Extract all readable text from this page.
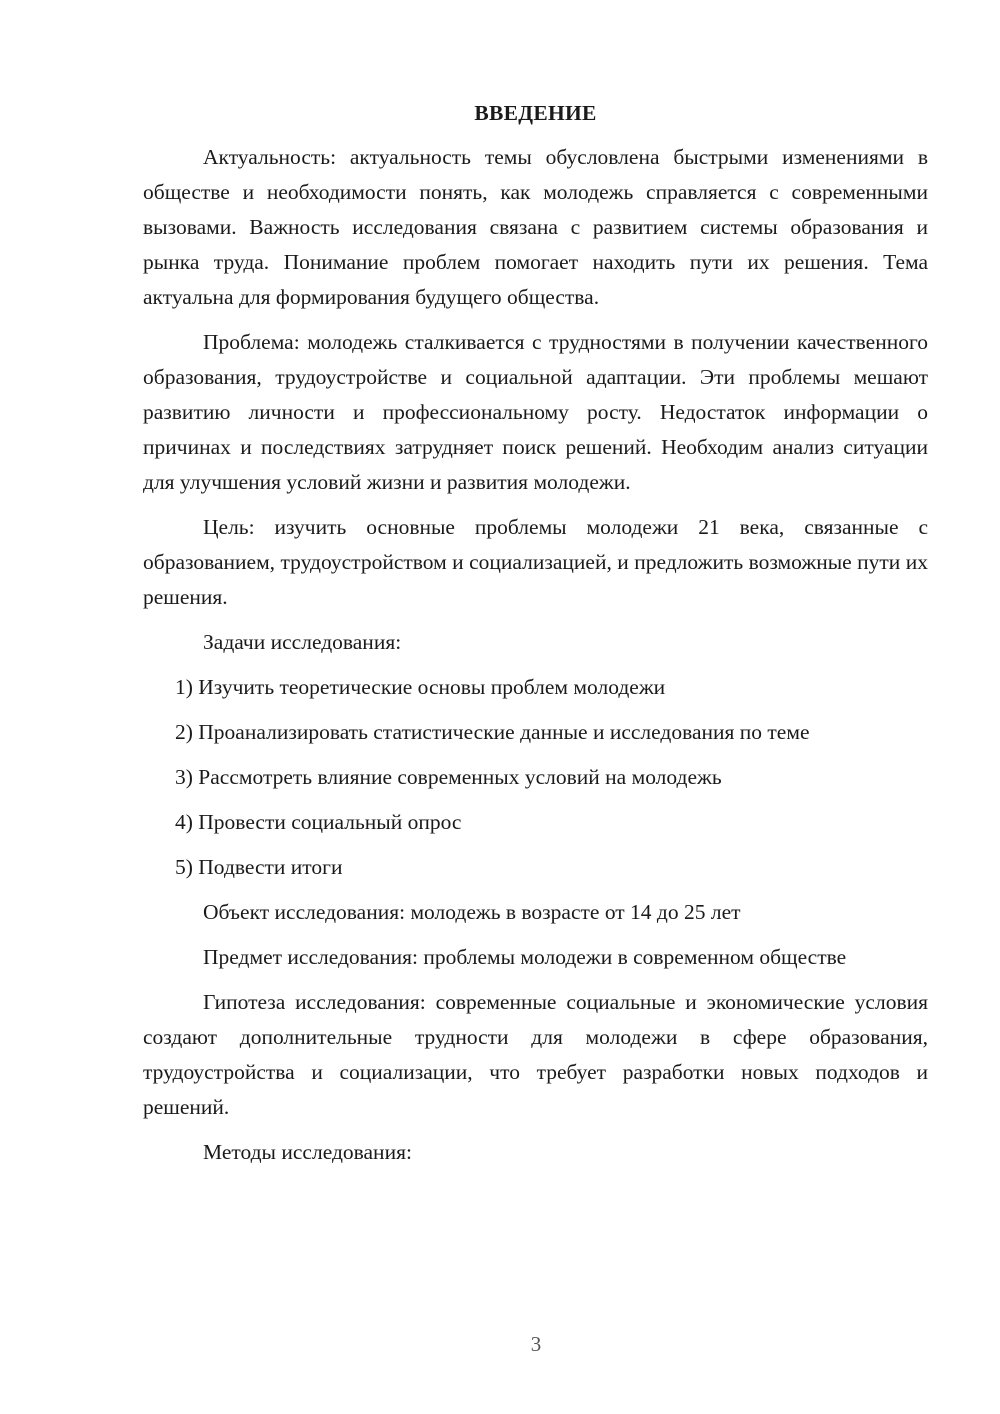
ВВЕДЕНИЕ

Актуальность: актуальность темы обусловлена быстрыми изменениями в обществе и необходимости понять, как молодежь справляется с современными вызовами. Важность исследования связана с развитием системы образования и рынка труда. Понимание проблем помогает находить пути их решения. Тема актуальна для формирования будущего общества.

Проблема: молодежь сталкивается с трудностями в получении качественного образования, трудоустройстве и социальной адаптации. Эти проблемы мешают развитию личности и профессиональному росту. Недостаток информации о причинах и последствиях затрудняет поиск решений. Необходим анализ ситуации для улучшения условий жизни и развития молодежи.

Цель: изучить основные проблемы молодежи 21 века, связанные с образованием, трудоустройством и социализацией, и предложить возможные пути их решения.

Задачи исследования:
1) Изучить теоретические основы проблем молодежи
2) Проанализировать статистические данные и исследования по теме
3) Рассмотреть влияние современных условий на молодежь
4) Провести социальный опрос
5) Подвести итоги
Объект исследования: молодежь в возрасте от 14 до 25 лет

Предмет исследования: проблемы молодежи в современном обществе

Гипотеза исследования: современные социальные и экономические условия создают дополнительные трудности для молодежи в сфере образования, трудоустройства и социализации, что требует разработки новых подходов и решений.

Методы исследования:
3
